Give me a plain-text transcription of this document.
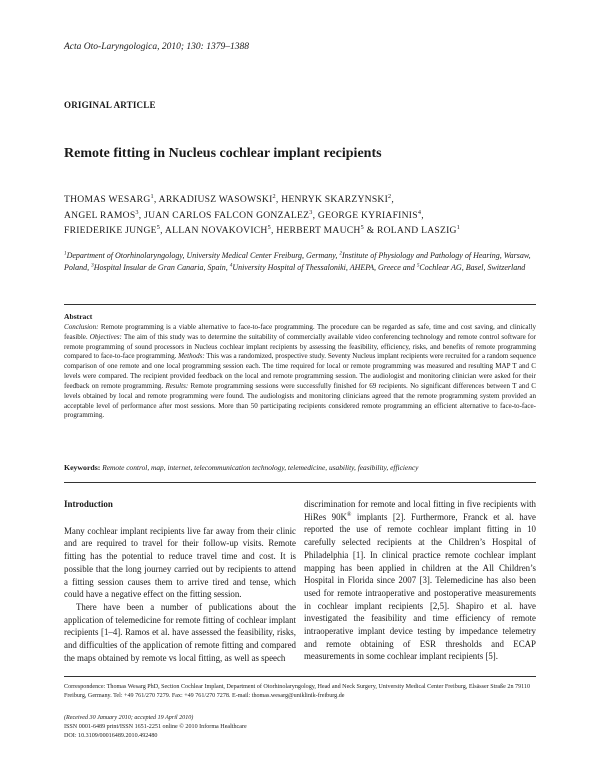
Acta Oto-Laryngologica, 2010; 130: 1379–1388
ORIGINAL ARTICLE
Remote fitting in Nucleus cochlear implant recipients
THOMAS WESARG$^1$, ARKADIUSZ WASOWSKI$^2$, HENRYK SKARZYNSKI$^2$,
ANGEL RAMOS$^3$, JUAN CARLOS FALCON GONZALEZ$^3$, GEORGE KYRIAFINIS$^4$,
FRIEDERIKE JUNGE$^5$, ALLAN NOVAKOVICH$^5$, HERBERT MAUCH$^5$ & ROLAND LASZIG$^1$
$^1$Department of Otorhinolaryngology, University Medical Center Freiburg, Germany, $^2$Institute of Physiology and Pathology of Hearing, Warsaw, Poland, $^3$Hospital Insular de Gran Canaria, Spain, $^4$University Hospital of Thessaloniki, AHEPA, Greece and $^5$Cochlear AG, Basel, Switzerland
Abstract
Conclusion: Remote programming is a viable alternative to face-to-face programming. The procedure can be regarded as safe, time and cost saving, and clinically feasible. Objectives: The aim of this study was to determine the suitability of commercially available video conferencing technology and remote control software for remote programming of sound processors in Nucleus cochlear implant recipients by assessing the feasibility, efficiency, risks, and benefits of remote programming compared to face-to-face programming. Methods: This was a randomized, prospective study. Seventy Nucleus implant recipients were recruited for a random sequence comparison of one remote and one local programming session each. The time required for local or remote programming was measured and resulting MAP T and C levels were compared. The recipient provided feedback on the local and remote programming session. The audiologist and monitoring clinician were asked for their feedback on remote programming. Results: Remote programming sessions were successfully finished for 69 recipients. No significant differences between T and C levels obtained by local and remote programming were found. The audiologists and monitoring clinicians agreed that the remote programming system provided an acceptable level of performance after most sessions. More than 50 participating recipients considered remote programming an efficient alternative to face-to-face-programming.
Keywords: Remote control, map, internet, telecommunication technology, telemedicine, usability, feasibility, efficiency
Introduction

Many cochlear implant recipients live far away from their clinic and are required to travel for their follow-up visits. Remote fitting has the potential to reduce travel time and cost. It is possible that the long journey carried out by recipients to attend a fitting session causes them to arrive tired and tense, which could have a negative effect on the fitting session.

There have been a number of publications about the application of telemedicine for remote fitting of cochlear implant recipients [1–4]. Ramos et al. have assessed the feasibility, risks, and difficulties of the application of remote fitting and compared the maps obtained by remote vs local fitting, as well as speech

discrimination for remote and local fitting in five recipients with HiRes 90K® implants [2]. Furthermore, Franck et al. have reported the use of remote cochlear implant fitting in 10 carefully selected recipients at the Children’s Hospital of Philadelphia [1]. In clinical practice remote cochlear implant mapping has been applied in children at the All Children’s Hospital in Florida since 2007 [3]. Telemedicine has also been used for remote intraoperative and postoperative measurements in cochlear implant recipients [2,5]. Shapiro et al. have investigated the feasibility and time efficiency of remote intraoperative implant device testing by impedance telemetry and remote obtaining of ESR thresholds and ECAP measurements in some cochlear implant recipients [5].

Correspondence: Thomas Wesarg PhD, Section Cochlear Implant, Department of Otorhinolaryngology, Head and Neck Surgery, University Medical Center Freiburg, Elsässer Straße 2n 79110 Freiburg, Germany. Tel: +49 761/270 7279. Fax: +49 761/270 7278. E-mail: thomas.wesarg@uniklinik-freiburg.de
(Received 30 January 2010; accepted 19 April 2010)
ISSN 0001-6489 print/ISSN 1651-2251 online © 2010 Informa Healthcare
DOI: 10.3109/00016489.2010.492480
